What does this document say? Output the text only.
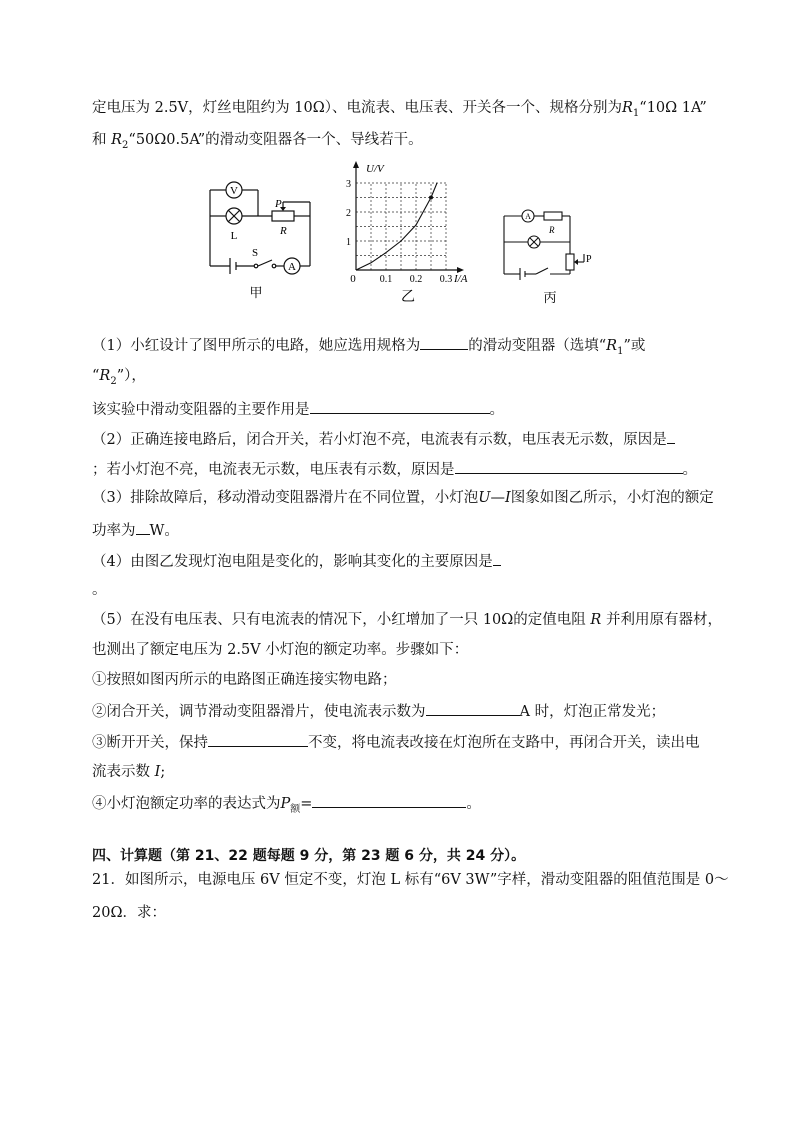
定电压为 2.5V，灯丝电阻约为 10Ω）、电流表、电压表、开关各一个、规格分别为$R_1“10\Omega$ 1A”
和 $R_2“50\Omega 0.5A$”的滑动变阻器各一个、导线若干。
V
L
P
R
S
A
甲
0.1 0.2 0.3
1
2
3
U/V
I/A
0
乙
A
R
P
丙
（1）小红设计了图甲所示的电路，她应选用规格为	的滑动变阻器（选填“$R_1$”或
“$R_2$”），
该实验中滑动变阻器的主要作用是	。
（2）正确连接电路后，闭合开关，若小灯泡不亮，电流表有示数，电压表无示数，原因是
；若小灯泡不亮，电流表无示数，电压表有示数，原因是	。
（3）排除故障后，移动滑动变阻器滑片在不同位置，小灯泡U—I图象如图乙所示，小灯泡的额定
功率为 W。
（4）由图乙发现灯泡电阻是变化的，影响其变化的主要原因是
。
（5）在没有电压表、只有电流表的情况下，小红增加了一只 10Ω的定值电阻 R 并利用原有器材，
也测出了额定电压为 2.5V 小灯泡的额定功率。步骤如下：
①按照如图丙所示的电路图正确连接实物电路；
②闭合开关，调节滑动变阻器滑片，使电流表示数为	A 时，灯泡正常发光；
③断开开关，保持	不变，将电流表改接在灯泡所在支路中，再闭合开关，读出电
流表示数 I;
④小灯泡额定功率的表达式为$P_额=$	。
四、计算题（第 21、22 题每题 9 分，第 23 题 6 分，共 24 分）。
21．如图所示，电源电压 6V 恒定不变，灯泡 L 标有“6V 3W”字样，滑动变阻器的阻值范围是 0～
20Ω．求：
